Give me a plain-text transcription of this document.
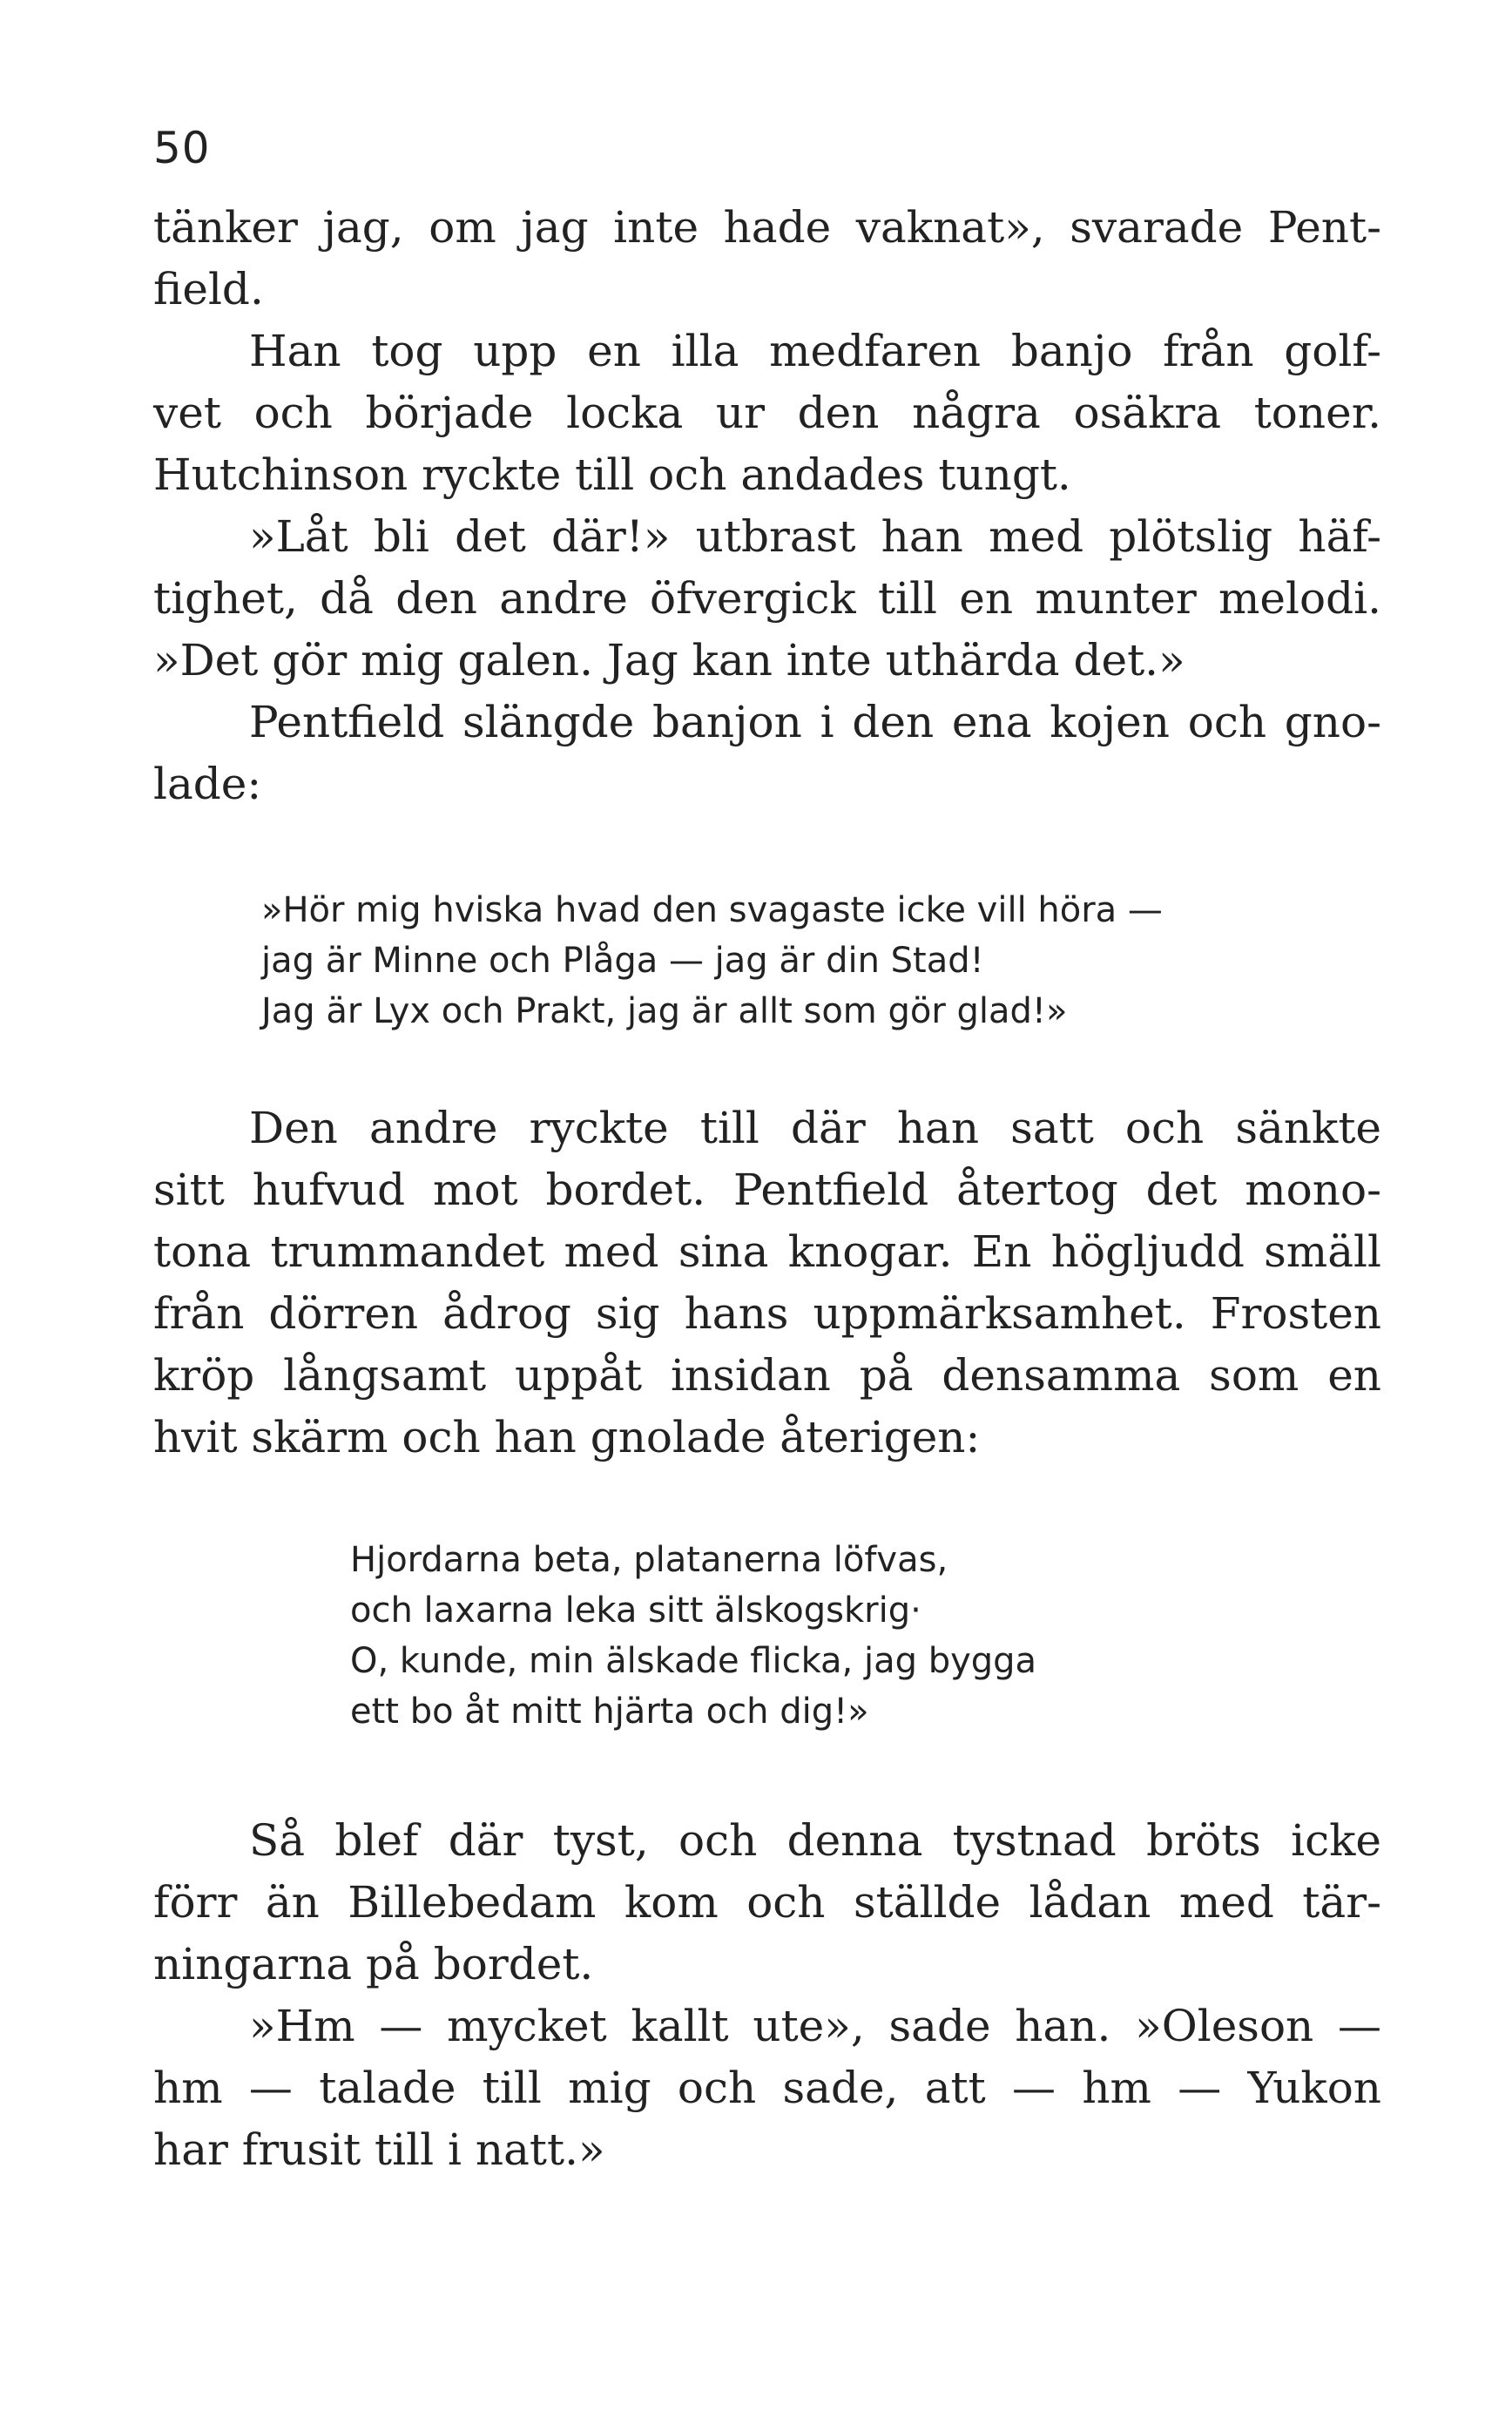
50
tänker jag, om jag inte hade vaknat», svarade Pent-
field.
Han tog upp en illa medfaren banjo från golf-
vet och började locka ur den några osäkra toner.
Hutchinson ryckte till och andades tungt.
»Låt bli det där!» utbrast han med plötslig häf-
tighet, då den andre öfvergick till en munter melodi.
»Det gör mig galen. Jag kan inte uthärda det.»
Pentfield slängde banjon i den ena kojen och gno-
lade:
»Hör mig hviska hvad den svagaste icke vill höra —
jag är Minne och Plåga — jag är din Stad!
Jag är Lyx och Prakt, jag är allt som gör glad!»
Den andre ryckte till där han satt och sänkte
sitt hufvud mot bordet. Pentfield återtog det mono-
tona trummandet med sina knogar. En högljudd smäll
från dörren ådrog sig hans uppmärksamhet. Frosten
kröp långsamt uppåt insidan på densamma som en
hvit skärm och han gnolade återigen:
Hjordarna beta, platanerna löfvas,
och laxarna leka sitt älskogskrig·
O, kunde, min älskade flicka, jag bygga
ett bo åt mitt hjärta och dig!»
Så blef där tyst, och denna tystnad bröts icke
förr än Billebedam kom och ställde lådan med tär-
ningarna på bordet.
»Hm — mycket kallt ute», sade han. »Oleson —
hm — talade till mig och sade, att — hm — Yukon
har frusit till i natt.»
